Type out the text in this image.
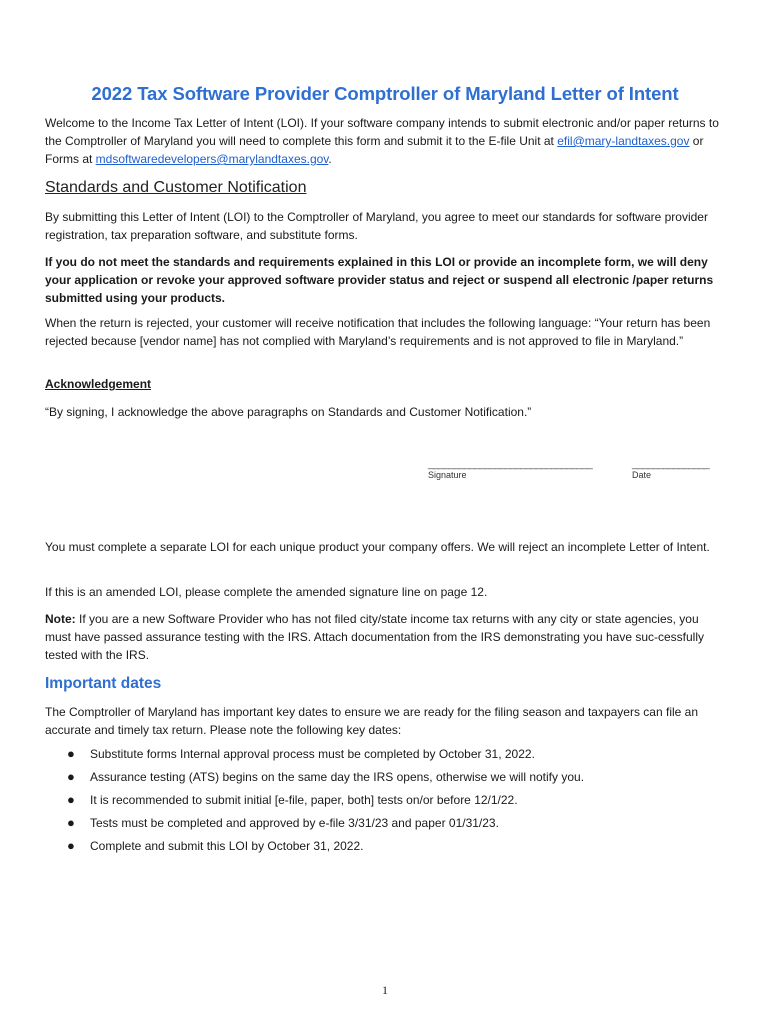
2022 Tax Software Provider Comptroller of Maryland Letter of Intent

Welcome to the Income Tax Letter of Intent (LOI). If your software company intends to submit electronic and/or paper returns to the Comptroller of Maryland you will need to complete this form and submit it to the E-file Unit at efil@mary-landtaxes.gov or Forms at mdsoftwaredevelopers@marylandtaxes.gov.

Standards and Customer Notification

By submitting this Letter of Intent (LOI) to the Comptroller of Maryland, you agree to meet our standards for software provider registration, tax preparation software, and substitute forms.

If you do not meet the standards and requirements explained in this LOI or provide an incomplete form, we will deny your application or revoke your approved software provider status and reject or suspend all electronic /paper returns submitted using your products.

When the return is rejected, your customer will receive notification that includes the following language: “Your return has been rejected because [vendor name] has not complied with Maryland’s requirements and is not approved to file in Maryland.”

Acknowledgement

“By signing, I acknowledge the above paragraphs on Standards and Customer Notification.”

________________________________
Signature
_______________
Date

You must complete a separate LOI for each unique product your company offers. We will reject an incomplete Letter of Intent.

If this is an amended LOI, please complete the amended signature line on page 12.

Note: If you are a new Software Provider who has not filed city/state income tax returns with any city or state agencies, you must have passed assurance testing with the IRS. Attach documentation from the IRS demonstrating you have suc-cessfully tested with the IRS.

Important dates

The Comptroller of Maryland has important key dates to ensure we are ready for the filing season and taxpayers can file an accurate and timely tax return. Please note the following key dates:

● Substitute forms Internal approval process must be completed by October 31, 2022.
● Assurance testing (ATS) begins on the same day the IRS opens, otherwise we will notify you.
● It is recommended to submit initial [e-file, paper, both] tests on/or before 12/1/22.
● Tests must be completed and approved by e-file 3/31/23 and paper 01/31/23.
● Complete and submit this LOI by October 31, 2022.
1
